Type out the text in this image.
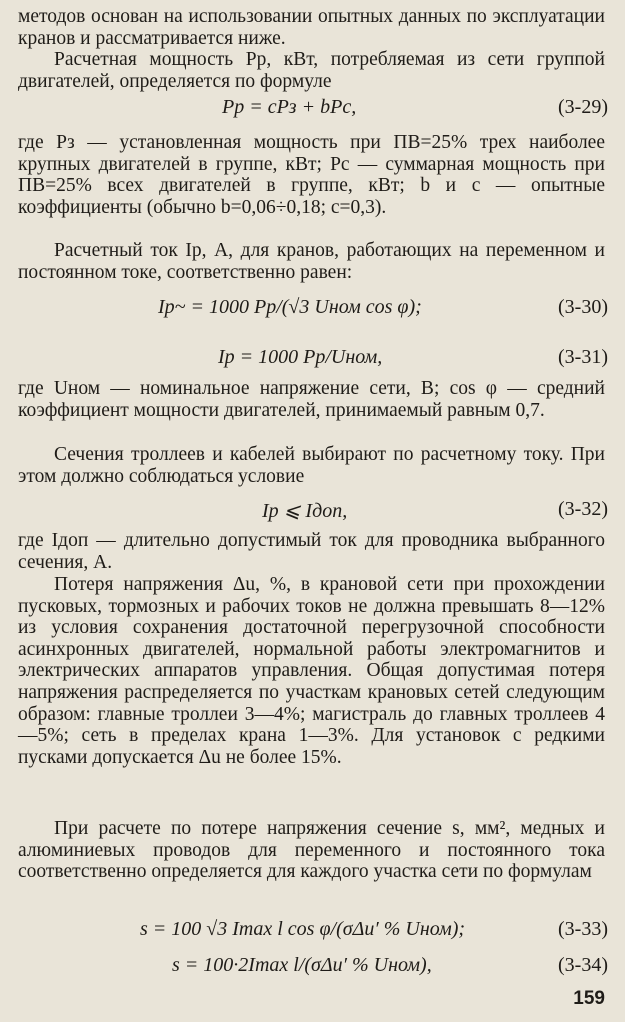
методов основан на использовании опытных данных по эксплуатации кранов и рассматривается ниже.

Расчетная мощность Pр, кВт, потребляемая из сети группой двигателей, определяется по формуле

Pр = cPз + bPс,	(3-29)

где Pз — установленная мощность при ПВ=25% трех наиболее крупных двигателей в группе, кВт; Pс — суммарная мощность при ПВ=25% всех двигателей в группе, кВт; b и c — опытные коэффициенты (обычно b=0,06÷0,18; c=0,3).

Расчетный ток Iр, А, для кранов, работающих на переменном и постоянном токе, соответственно равен:

Iр~ = 1000 Pр/(√3 Uном cos φ);	(3-30)
Iр = 1000 Pр/Uном,	(3-31)

где Uном — номинальное напряжение сети, В; cos φ — средний коэффициент мощности двигателей, принимаемый равным 0,7.

Сечения троллеев и кабелей выбирают по расчетному току. При этом должно соблюдаться условие

Iр ⩽ Iдоп,	(3-32)

где Iдоп — длительно допустимый ток для проводника выбранного сечения, А.

Потеря напряжения Δu, %, в крановой сети при прохождении пусковых, тормозных и рабочих токов не должна превышать 8—12% из условия сохранения достаточной перегрузочной способности асинхронных двигателей, нормальной работы электромагнитов и электрических аппаратов управления. Общая допустимая потеря напряжения распределяется по участкам крановых сетей следующим образом: главные троллеи 3—4%; магистраль до главных троллеев 4—5%; сеть в пределах крана 1—3%. Для установок с редкими пусками допускается Δu не более 15%.

При расчете по потере напряжения сечение s, мм², медных и алюминиевых проводов для переменного и постоянного тока соответственно определяется для каждого участка сети по формулам

s = 100 √3 Imax l cos φ/(σΔu′ % Uном);	(3-33)
s = 100·2Imax l/(σΔu′ % Uном),	(3-34)
159
